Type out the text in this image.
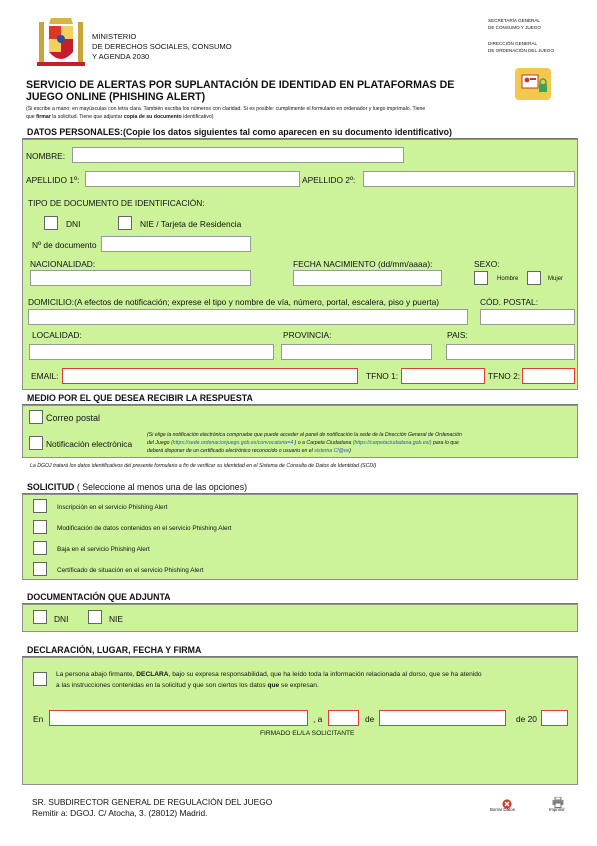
MINISTERIO
DE DERECHOS SOCIALES, CONSUMO
Y AGENDA 2030
SECRETARÍA GENERAL
DE CONSUMO Y JUEGO
DIRECCIÓN GENERAL
DE ORDENACIÓN DEL JUEGO
SERVICIO DE ALERTAS POR SUPLANTACIÓN DE IDENTIDAD EN PLATAFORMAS DE
JUEGO ONLINE (PHISHING ALERT)
(Si escribe a mano: en mayúsculas con letra clara. También escriba los números con claridad. Si es posible: cumplimente el formulario en ordenador y luego imprímalo. Tiene
que firmar la solicitud. Tiene que adjuntar copia de su documento identificativo)
DATOS PERSONALES:(Copie los datos siguientes tal como aparecen en su documento identificativo)
NOMBRE:
APELLIDO 1º:	APELLIDO 2º:
TIPO DE DOCUMENTO DE IDENTIFICACIÓN:
DNI	NIE / Tarjeta de Residencia
Nº de documento
NACIONALIDAD:	FECHA NACIMIENTO (dd/mm/aaaa):	SEXO:
Hombre	Mujer
DOMICILIO:(A efectos de notificación; exprese el tipo y nombre de vía, número, portal, escalera, piso y puerta)	CÓD. POSTAL:
LOCALIDAD:	PROVINCIA:	PAIS:
EMAIL:	TFNO 1:	TFNO 2:
MEDIO POR EL QUE DESEA RECIBIR LA RESPUESTA
Correo postal
Notificación electrónica
(Si elige la notificación electrónica compruebe que puede acceder al panel de notificación la sede de la Dirección General de Ordenación
del Juego (https://sede.ordenacionjuego.gob.es/convocatoria=4 ) o a Carpeta Ciudadana (https://carpetaciudadana.gob.es/) para lo que
deberá disponer de un certificado electrónico reconocido o usuario en el sistema Cl@ve)
La DGOJ tratará los datos identificativos del presente formulario a fin de verificar su identidad en el Sistema de Consulta de Datos de Identidad (SCDI)
SOLICITUD ( Seleccione al menos una de las opciones)
Inscripción en el servicio Phishing Alert
Modificación de datos contenidos en el servicio Phishing Alert
Baja en el servicio Phishing Alert
Certificado de situación en el servicio Phishing Alert
DOCUMENTACIÓN QUE ADJUNTA
DNI	NIE
DECLARACIÓN, LUGAR, FECHA Y FIRMA
La persona abajo firmante, DECLARA, bajo su expresa responsabilidad, que ha leído toda la información relacionada al dorso, que se ha atenido
a las instrucciones contenidas en la solicitud y que son ciertos los datos que se expresan.
En	, a	de	de 20
FIRMADO EL/LA SOLICITANTE
SR. SUBDIRECTOR GENERAL DE REGULACIÓN DEL JUEGO
Remitir a: DGOJ. C/ Atocha, 3. (28012) Madrid.	Borrar Datos	Imprimir
